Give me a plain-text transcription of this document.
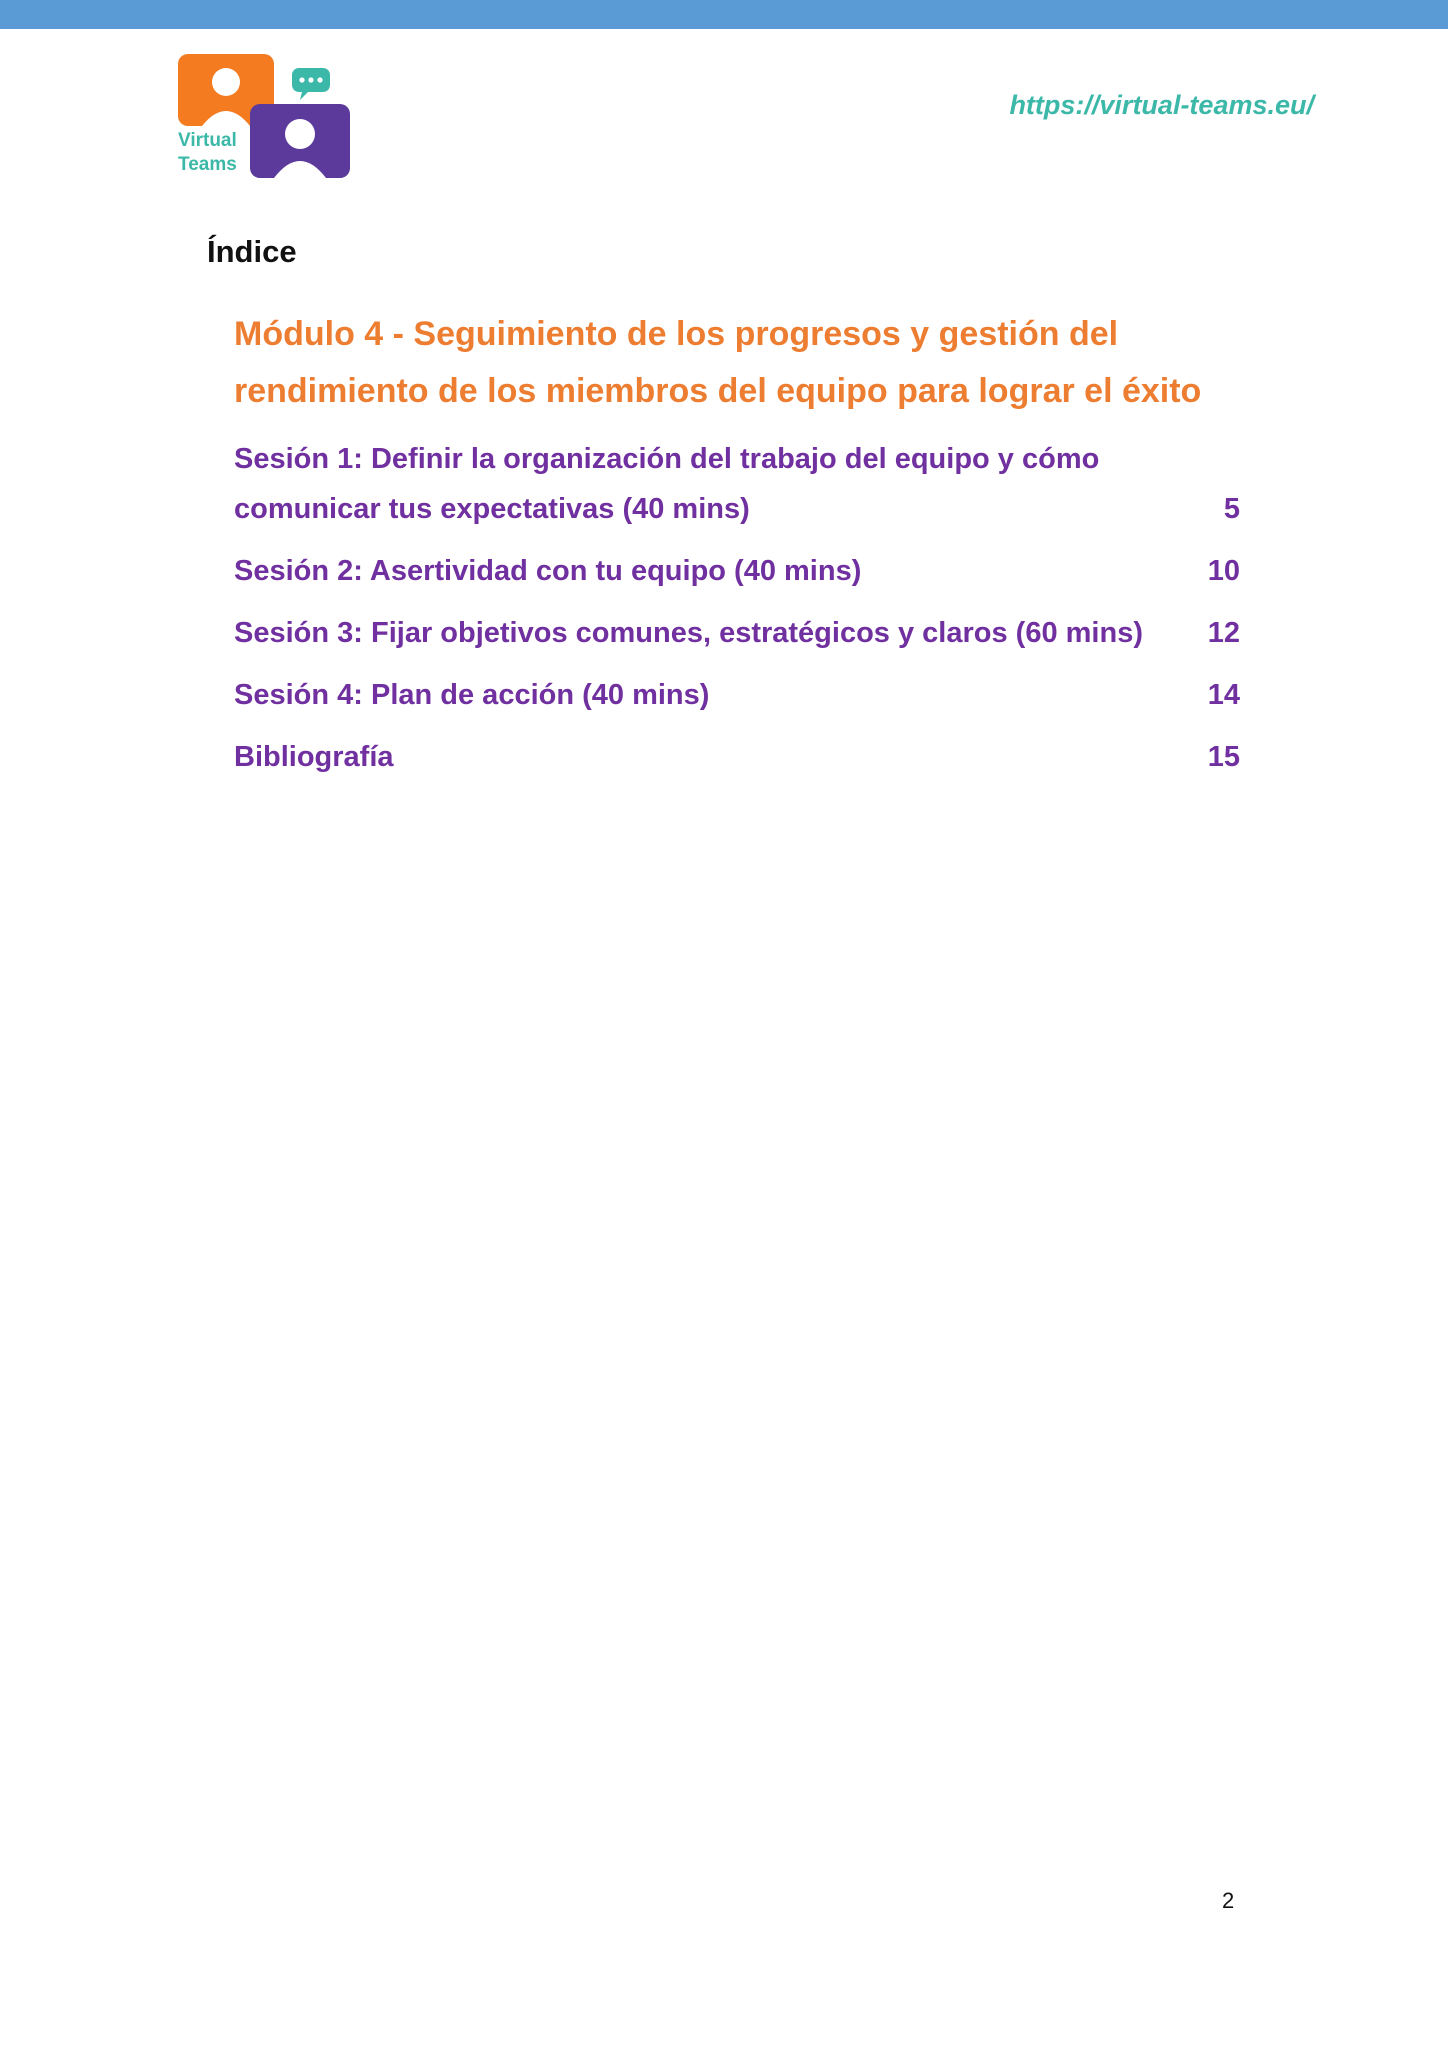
Virtual
Teams
https://virtual-teams.eu/
Índice
Módulo 4 - Seguimiento de los progresos y gestión del rendimiento de los miembros del equipo para lograr el éxito
Sesión 1: Definir la organización del trabajo del equipo y cómo comunicar tus expectativas (40 mins)	5
Sesión 2: Asertividad con tu equipo (40 mins)	10
Sesión 3: Fijar objetivos comunes, estratégicos y claros (60 mins)	12
Sesión 4: Plan de acción (40 mins)	14
Bibliografía	15
2
